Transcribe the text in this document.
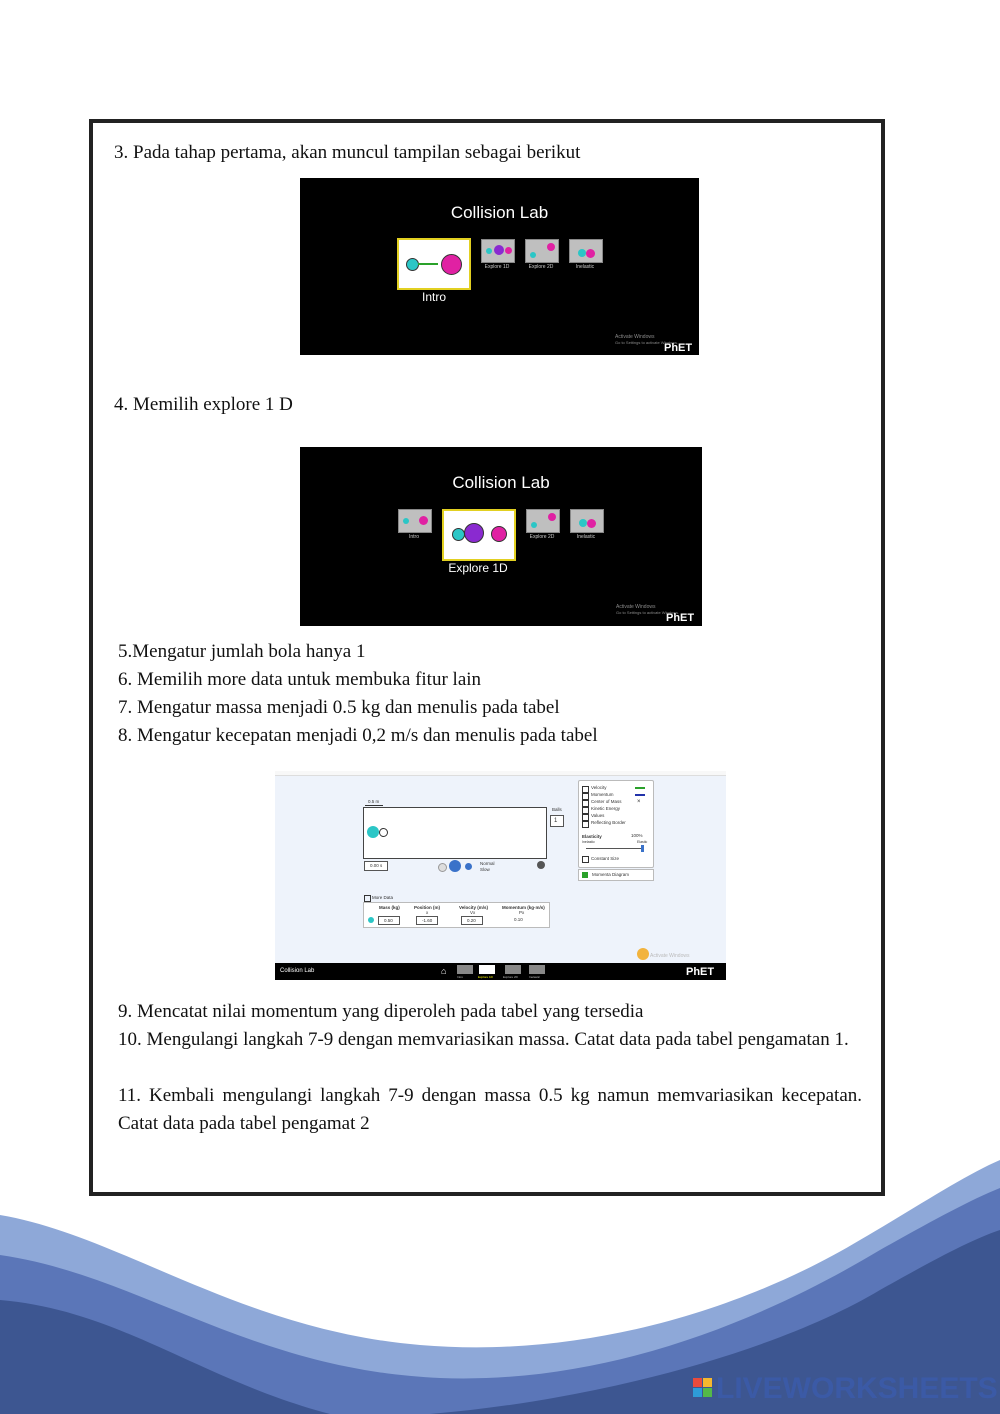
3. Pada tahap pertama, akan muncul tampilan sebagai berikut
Collision Lab
Intro
Explore 1D	Explore 2D	Inelastic
Activate Windows
Go to Settings to activate Windows.
PhET
4. Memilih explore 1 D
Collision Lab
Intro
Explore 1D
Explore 2D	Inelastic
Activate Windows
Go to Settings to activate Windows.
PhET
5.Mengatur jumlah bola hanya 1
6. Memilih more data untuk membuka fitur lain
7. Mengatur massa menjadi 0.5 kg dan menulis pada tabel
8. Mengatur kecepatan menjadi 0,2 m/s dan menulis pada tabel
0.5 m
0.00 s	Normal
Slow
Balls
1
Velocity
Momentum
Center of Mass
Kinetic Energy
Values
Reflecting Border
×
Elasticity	100%
Inelastic	Elastic
Constant Size
Momenta Diagram
More Data
Mass (kg)	Position (m)	Velocity (m/s)	Momentum (kg·m/s)
x	Vx	Px
0.50	-1.60	0.20	0.10
Activate Windows
Collision Lab	⌂
Intro	Explore 1D	Explore 2D	Inelastic	PhET
9. Mencatat nilai momentum yang diperoleh pada tabel yang tersedia
10. Mengulangi langkah 7-9 dengan memvariasikan massa. Catat data pada tabel pengamatan 1.
11. Kembali mengulangi langkah 7-9 dengan massa 0.5 kg namun memvariasikan kecepatan. Catat data pada tabel pengamat 2
LIVEWORKSHEETS
